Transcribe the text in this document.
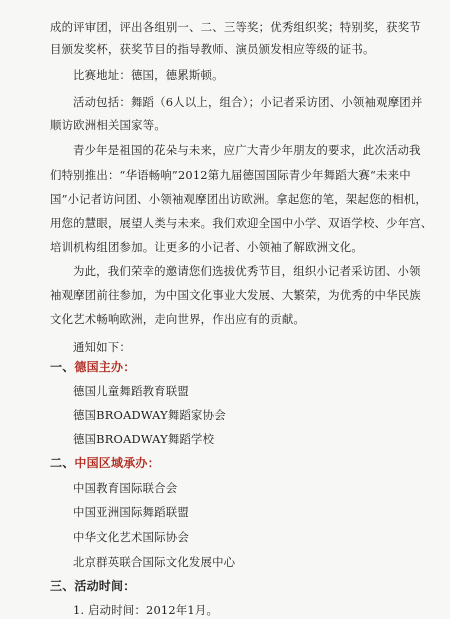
成的评审团，评出各组别一、二、三等奖；优秀组织奖；特别奖，获奖节
目颁发奖杯，获奖节目的指导教师、演员颁发相应等级的证书。
比赛地址：德国，德累斯顿。
活动包括：舞蹈（6人以上，组合）；小记者采访团、小领袖观摩团并
顺访欧洲相关国家等。
青少年是祖国的花朵与未来，应广大青少年朋友的要求，此次活动我
们特别推出：“华语畅响”2012第九届德国国际青少年舞蹈大赛“未来中
国”小记者访问团、小领袖观摩团出访欧洲。拿起您的笔，架起您的相机，
用您的慧眼，展望人类与未来。我们欢迎全国中小学、双语学校、少年宫、
培训机构组团参加。让更多的小记者、小领袖了解欧洲文化。
为此，我们荣幸的邀请您们选拔优秀节目，组织小记者采访团、小领
袖观摩团前往参加，为中国文化事业大发展、大繁荣，为优秀的中华民族
文化艺术畅响欧洲，走向世界，作出应有的贡献。
通知如下：
一、德国主办：
德国儿童舞蹈教育联盟
德国BROADWAY舞蹈家协会
德国BROADWAY舞蹈学校
二、中国区域承办：
中国教育国际联合会
中国亚洲国际舞蹈联盟
中华文化艺术国际协会
北京群英联合国际文化发展中心
三、活动时间：
1. 启动时间：2012年1月。
